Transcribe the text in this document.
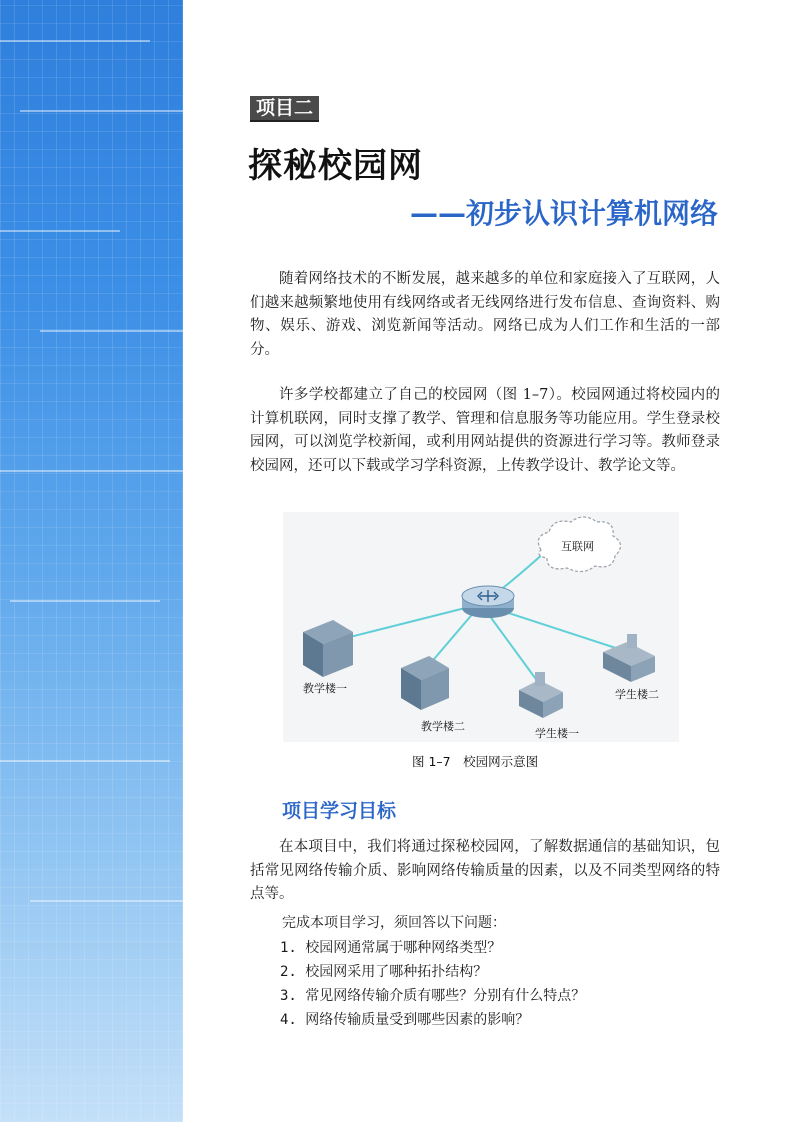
项目二
探秘校园网
——初步认识计算机网络

随着网络技术的不断发展，越来越多的单位和家庭接入了互联网，人们越来越频繁地使用有线网络或者无线网络进行发布信息、查询资料、购物、娱乐、游戏、浏览新闻等活动。网络已成为人们工作和生活的一部分。

许多学校都建立了自己的校园网（图 1–7）。校园网通过将校园内的计算机联网，同时支撑了教学、管理和信息服务等功能应用。学生登录校园网，可以浏览学校新闻，或利用网站提供的资源进行学习等。教师登录校园网，还可以下载或学习学科资源，上传教学设计、教学论文等。

互联网
教学楼一
教学楼二
学生楼一
学生楼二
图 1–7　校园网示意图
项目学习目标

在本项目中，我们将通过探秘校园网，了解数据通信的基础知识，包括常见网络传输介质、影响网络传输质量的因素，以及不同类型网络的特点等。

完成本项目学习，须回答以下问题：
1. 校园网通常属于哪种网络类型？
2. 校园网采用了哪种拓扑结构？
3. 常见网络传输介质有哪些？分别有什么特点？
4. 网络传输质量受到哪些因素的影响？
